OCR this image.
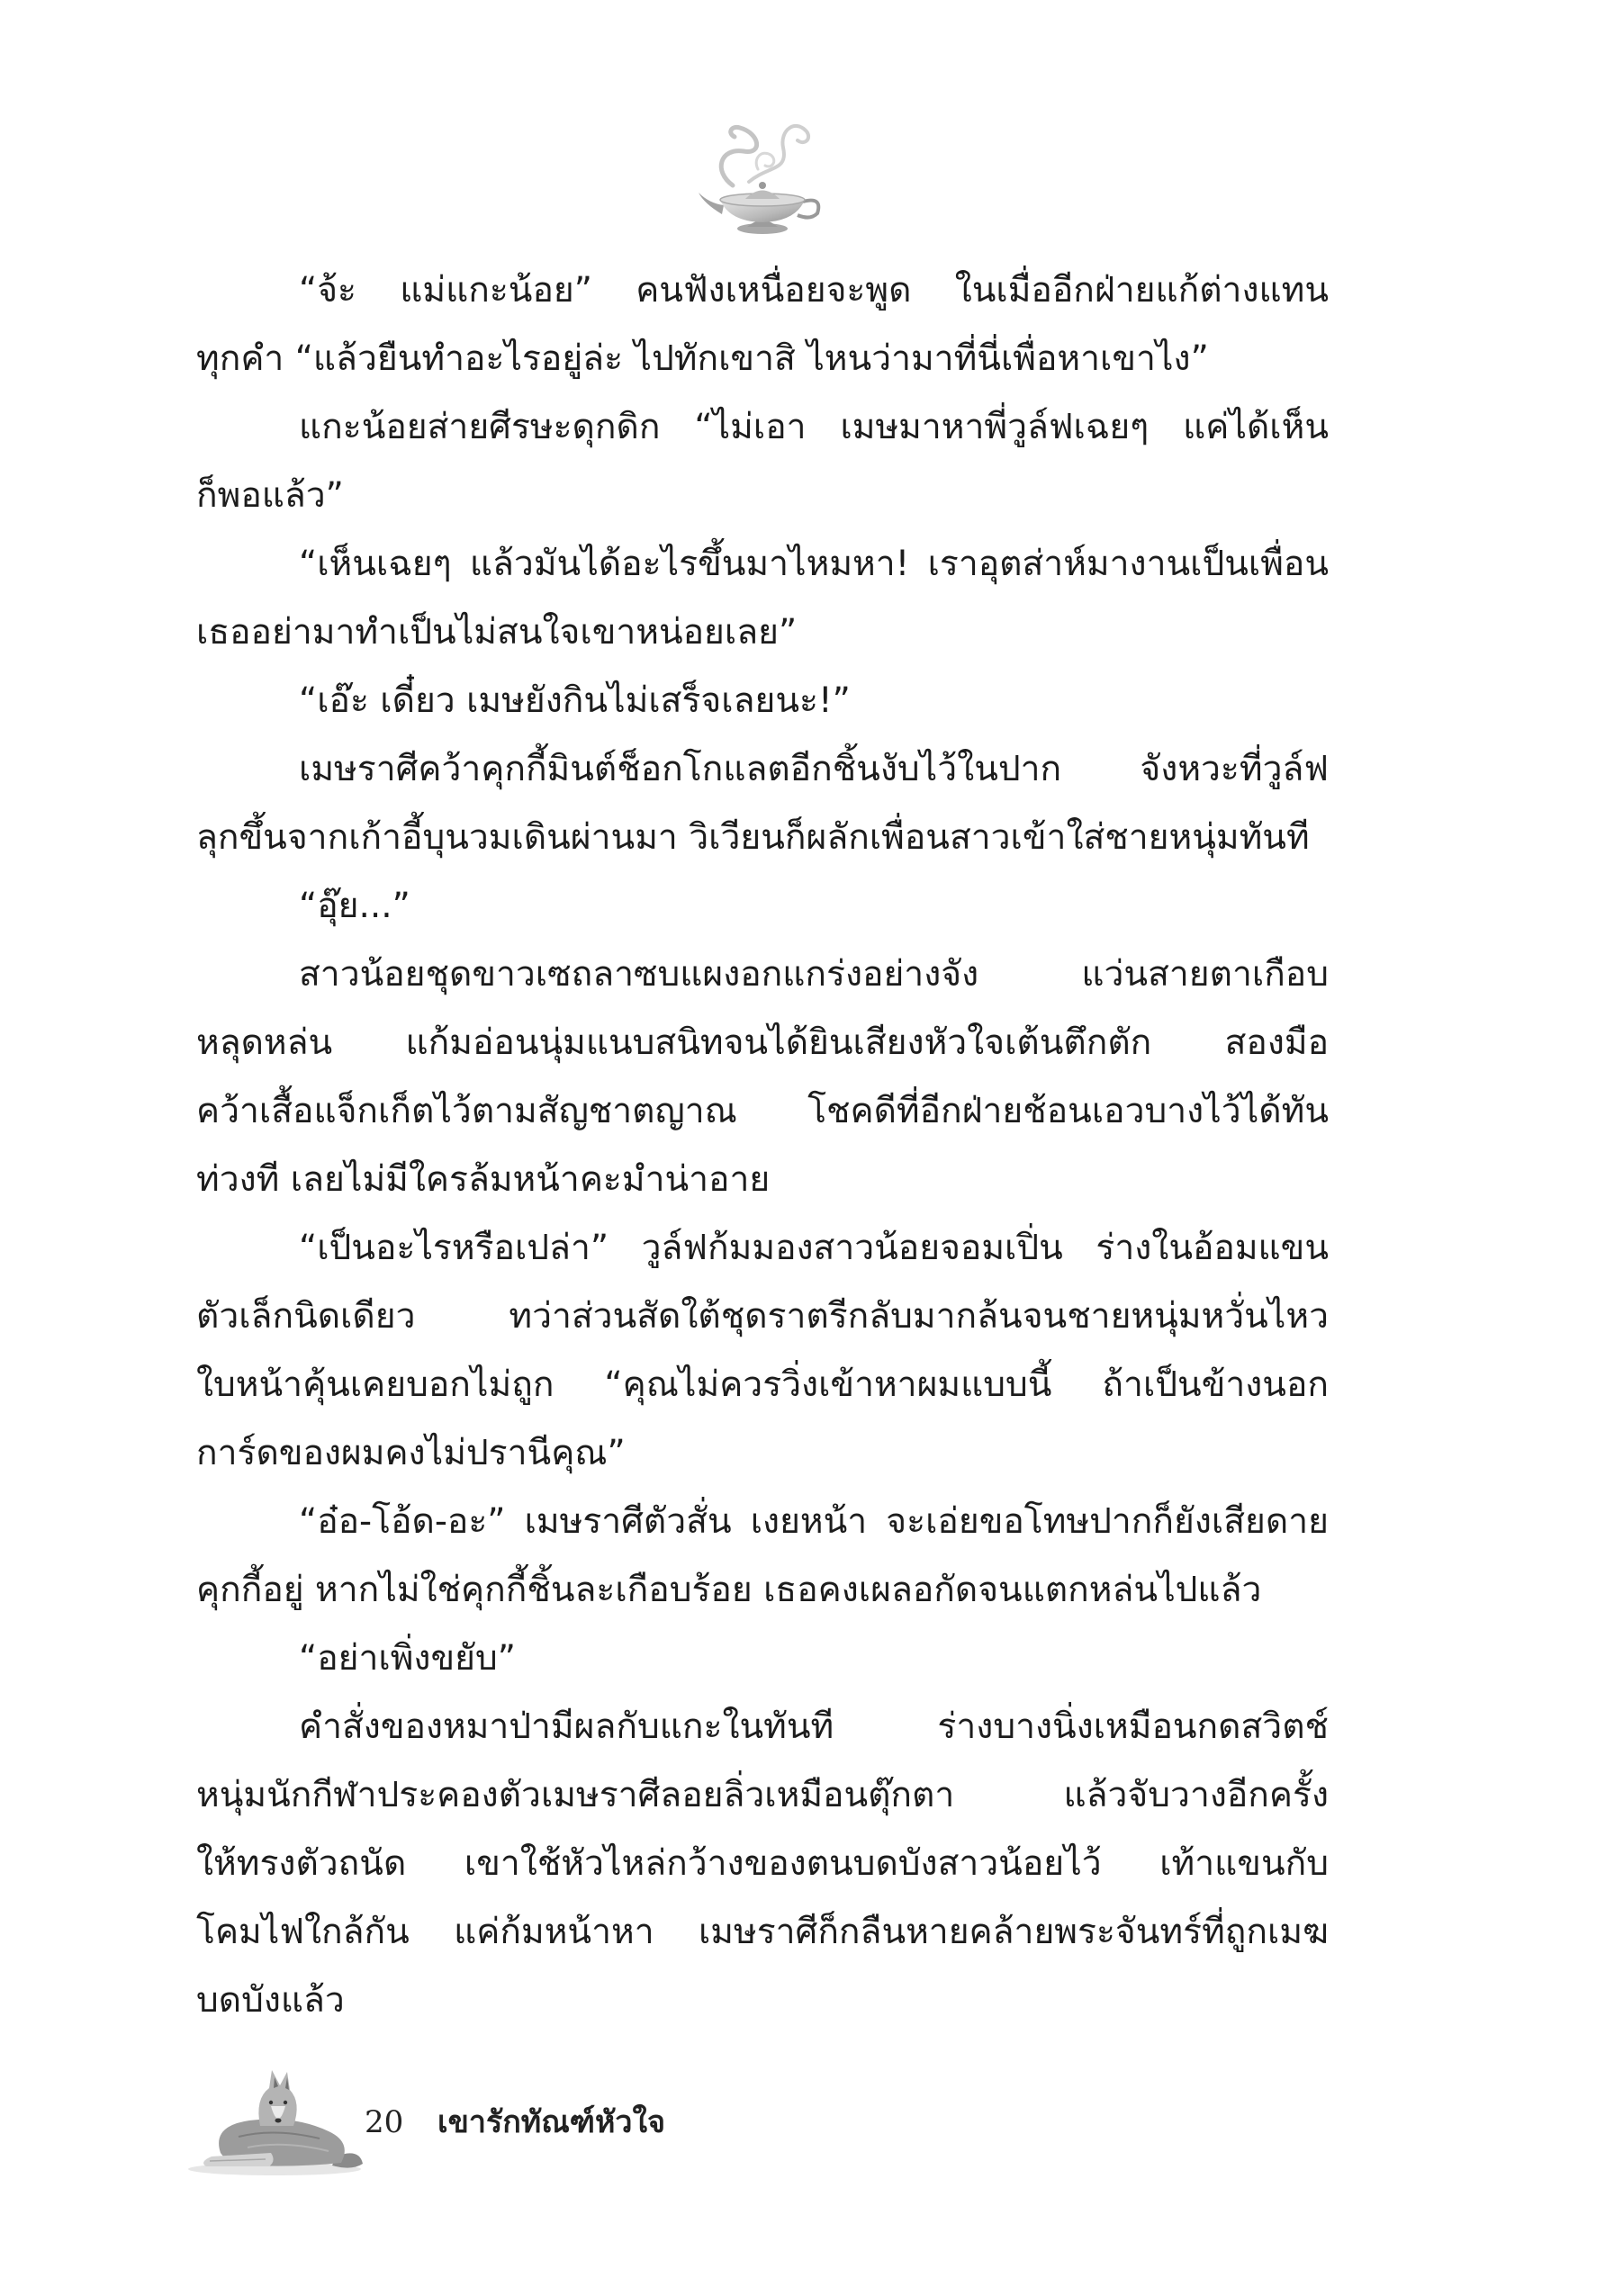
“จ้ะ แม่แกะน้อย” คนฟังเหนื่อยจะพูด ในเมื่ออีกฝ่ายแก้ต่างแทน
ทุกคำ “แล้วยืนทำอะไรอยู่ล่ะ ไปทักเขาสิ ไหนว่ามาที่นี่เพื่อหาเขาไง”
แกะน้อยส่ายศีรษะดุกดิก “ไม่เอา เมษมาหาพี่วูล์ฟเฉยๆ แค่ได้เห็น
ก็พอแล้ว”
“เห็นเฉยๆ แล้วมันได้อะไรขึ้นมาไหมหา! เราอุตส่าห์มางานเป็นเพื่อน
เธออย่ามาทำเป็นไม่สนใจเขาหน่อยเลย”
“เอ๊ะ เดี๋ยว เมษยังกินไม่เสร็จเลยนะ!”
เมษราศีคว้าคุกกี้มินต์ช็อกโกแลตอีกชิ้นงับไว้ในปาก จังหวะที่วูล์ฟ
ลุกขึ้นจากเก้าอี้บุนวมเดินผ่านมา วิเวียนก็ผลักเพื่อนสาวเข้าใส่ชายหนุ่มทันที
“อุ๊ย...”
สาวน้อยชุดขาวเซถลาซบแผงอกแกร่งอย่างจัง แว่นสายตาเกือบ
หลุดหล่น แก้มอ่อนนุ่มแนบสนิทจนได้ยินเสียงหัวใจเต้นตึกตัก สองมือ
คว้าเสื้อแจ็กเก็ตไว้ตามสัญชาตญาณ โชคดีที่อีกฝ่ายช้อนเอวบางไว้ได้ทัน
ท่วงที เลยไม่มีใครล้มหน้าคะมำน่าอาย
“เป็นอะไรหรือเปล่า” วูล์ฟก้มมองสาวน้อยจอมเปิ่น ร่างในอ้อมแขน
ตัวเล็กนิดเดียว ทว่าส่วนสัดใต้ชุดราตรีกลับมากล้นจนชายหนุ่มหวั่นไหว
ใบหน้าคุ้นเคยบอกไม่ถูก “คุณไม่ควรวิ่งเข้าหาผมแบบนี้ ถ้าเป็นข้างนอก
การ์ดของผมคงไม่ปรานีคุณ”
“อ๋อ-โอ้ด-อะ” เมษราศีตัวสั่น เงยหน้า จะเอ่ยขอโทษปากก็ยังเสียดาย
คุกกี้อยู่ หากไม่ใช่คุกกี้ชิ้นละเกือบร้อย เธอคงเผลอกัดจนแตกหล่นไปแล้ว
“อย่าเพิ่งขยับ”
คำสั่งของหมาป่ามีผลกับแกะในทันที ร่างบางนิ่งเหมือนกดสวิตช์
หนุ่มนักกีฬาประคองตัวเมษราศีลอยลิ่วเหมือนตุ๊กตา แล้วจับวางอีกครั้ง
ให้ทรงตัวถนัด เขาใช้หัวไหล่กว้างของตนบดบังสาวน้อยไว้ เท้าแขนกับ
โคมไฟใกล้กัน แค่ก้มหน้าหา เมษราศีก็กลืนหายคล้ายพระจันทร์ที่ถูกเมฆ
บดบังแล้ว
20 เขารักทัณฑ์หัวใจ
